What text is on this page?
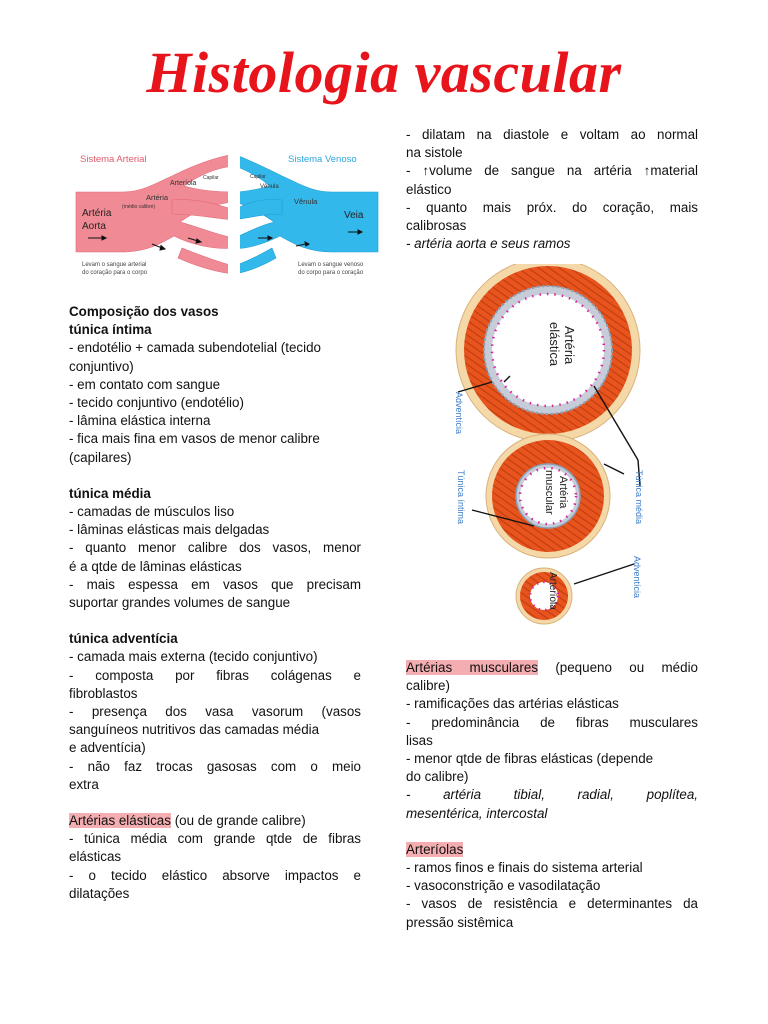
Histologia vascular
Sistema Arterial	Sistema Venoso
Arteríola
Capilar
Artéria
(médio calibre)
Artéria
Aorta
Capilar
Vênula
Vênula
Veia
Levam o sangue arterial
do coração para o corpo
Levam o sangue venoso
do corpo para o coração
Artéria
elástica
Artéria
muscular
Arteríola
Adventícia
Túnica íntima	Túnica média
Adventícia
Composição dos vasos
túnica íntima
- endotélio + camada subendotelial (tecido
conjuntivo)
- em contato com sangue
- tecido conjuntivo (endotélio)
- lâmina elástica interna
- fica mais fina em vasos de menor calibre
(capilares)
túnica média
- camadas de músculos liso
- lâminas elásticas mais delgadas
- quanto menor calibre dos vasos, menor
é a qtde de lâminas elásticas
- mais espessa em vasos que precisam
suportar grandes volumes de sangue
túnica adventícia
- camada mais externa (tecido conjuntivo)
- composta por fibras colágenas e
fibroblastos
- presença dos vasa vasorum (vasos
sanguíneos nutritivos das camadas média
e adventícia)
- não faz trocas gasosas com o meio
extra
Artérias elásticas (ou de grande calibre)
- túnica média com grande qtde de fibras
elásticas
- o tecido elástico absorve impactos e
dilatações
- dilatam na diastole e voltam ao normal
na sistole
- ↑volume de sangue na artéria ↑material
elástico
- quanto mais próx. do coração, mais
calibrosas
- artéria aorta e seus ramos
Artérias musculares (pequeno ou médio
calibre)
- ramificações das artérias elásticas
- predominância de fibras musculares
lisas
- menor qtde de fibras elásticas (depende
do calibre)
- artéria tibial, radial, poplítea,
mesentérica, intercostal
Arteríolas
- ramos finos e finais do sistema arterial
- vasoconstrição e vasodilatação
- vasos de resistência e determinantes da
pressão sistêmica
